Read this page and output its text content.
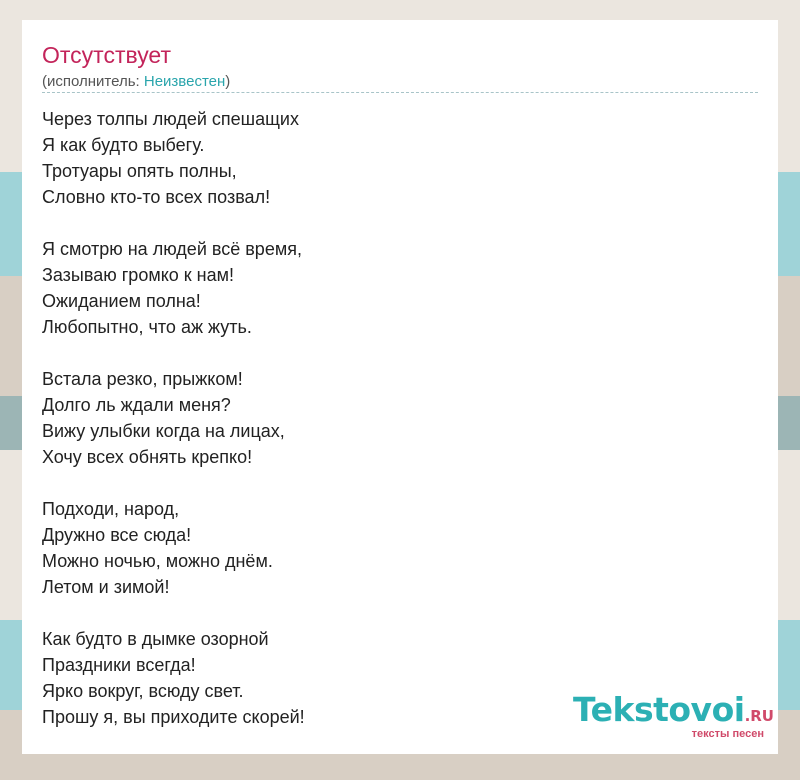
Отсутствует
(исполнитель: Неизвестен)
Через толпы людей спешащих
Я как будто выбегу.
Тротуары опять полны,
Словно кто-то всех позвал!
Я смотрю на людей всё время,
Зазываю громко к нам!
Ожиданием полна!
Любопытно, что аж жуть.
Встала резко, прыжком!
Долго ль ждали меня?
Вижу улыбки когда на лицах,
Хочу всех обнять крепко!
Подходи, народ,
Дружно все сюда!
Можно ночью, можно днём.
Летом и зимой!
Как будто в дымке озорной
Праздники всегда!
Ярко вокруг, всюду свет.
Прошу я, вы приходите скорей!	Tekstovoi.RU
тексты песен
